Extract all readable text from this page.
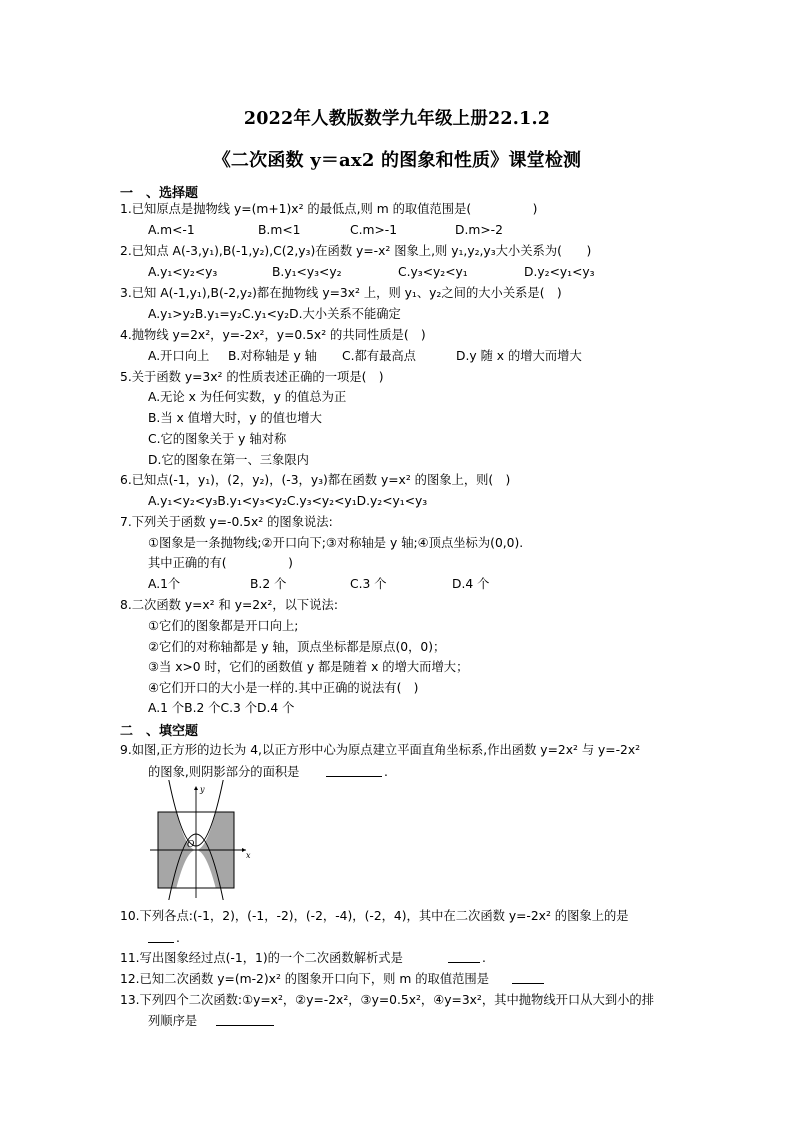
2022年人教版数学九年级上册22.1.2
《二次函数 y＝ax2 的图象和性质》课堂检测
一　、选择题
1.已知原点是抛物线 y=(m+1)x² 的最低点,则 m 的取值范围是(　　　　　)
A.m<-1	B.m<1	C.m>-1	D.m>-2
2.已知点 A(-3,y₁),B(-1,y₂),C(2,y₃)在函数 y=-x² 图象上,则 y₁,y₂,y₃大小关系为(　　)
A.y₁<y₂<y₃	B.y₁<y₃<y₂	C.y₃<y₂<y₁	D.y₂<y₁<y₃
3.已知 A(-1,y₁),B(-2,y₂)都在抛物线 y=3x² 上，则 y₁、y₂之间的大小关系是(　)
A.y₁>y₂B.y₁=y₂C.y₁<y₂D.大小关系不能确定
4.抛物线 y=2x²，y=-2x²，y=0.5x² 的共同性质是(　)
A.开口向上 B.对称轴是 y 轴 C.都有最高点	D.y 随 x 的增大而增大
5.关于函数 y=3x² 的性质表述正确的一项是(　)
A.无论 x 为任何实数，y 的值总为正
B.当 x 值增大时，y 的值也增大
C.它的图象关于 y 轴对称
D.它的图象在第一、三象限内
6.已知点(-1，y₁)，(2，y₂)，(-3，y₃)都在函数 y=x² 的图象上，则(　)
A.y₁<y₂<y₃B.y₁<y₃<y₂C.y₃<y₂<y₁D.y₂<y₁<y₃
7.下列关于函数 y=-0.5x² 的图象说法:
①图象是一条抛物线;②开口向下;③对称轴是 y 轴;④顶点坐标为(0,0).
其中正确的有(　　　　　)
A.1个	B.2 个	C.3 个	D.4 个
8.二次函数 y=x² 和 y=2x²，以下说法:
①它们的图象都是开口向上;
②它们的对称轴都是 y 轴，顶点坐标都是原点(0，0)；
③当 x>0 时，它们的函数值 y 都是随着 x 的增大而增大；
④它们开口的大小是一样的.其中正确的说法有(　)
A.1 个B.2 个C.3 个D.4 个
二　、填空题
9.如图,正方形的边长为 4,以正方形中心为原点建立平面直角坐标系,作出函数 y=2x² 与 y=-2x²
的图象,则阴影部分的面积是	.
y
x
O
10.下列各点:(-1，2)，(-1，-2)，(-2，-4)，(-2，4)，其中在二次函数 y=-2x² 的图象上的是
.
11.写出图象经过点(-1，1)的一个二次函数解析式是	.
12.已知二次函数 y=(m-2)x² 的图象开口向下，则 m 的取值范围是
13.下列四个二次函数:①y=x²，②y=-2x²，③y=0.5x²，④y=3x²，其中抛物线开口从大到小的排
列顺序是
